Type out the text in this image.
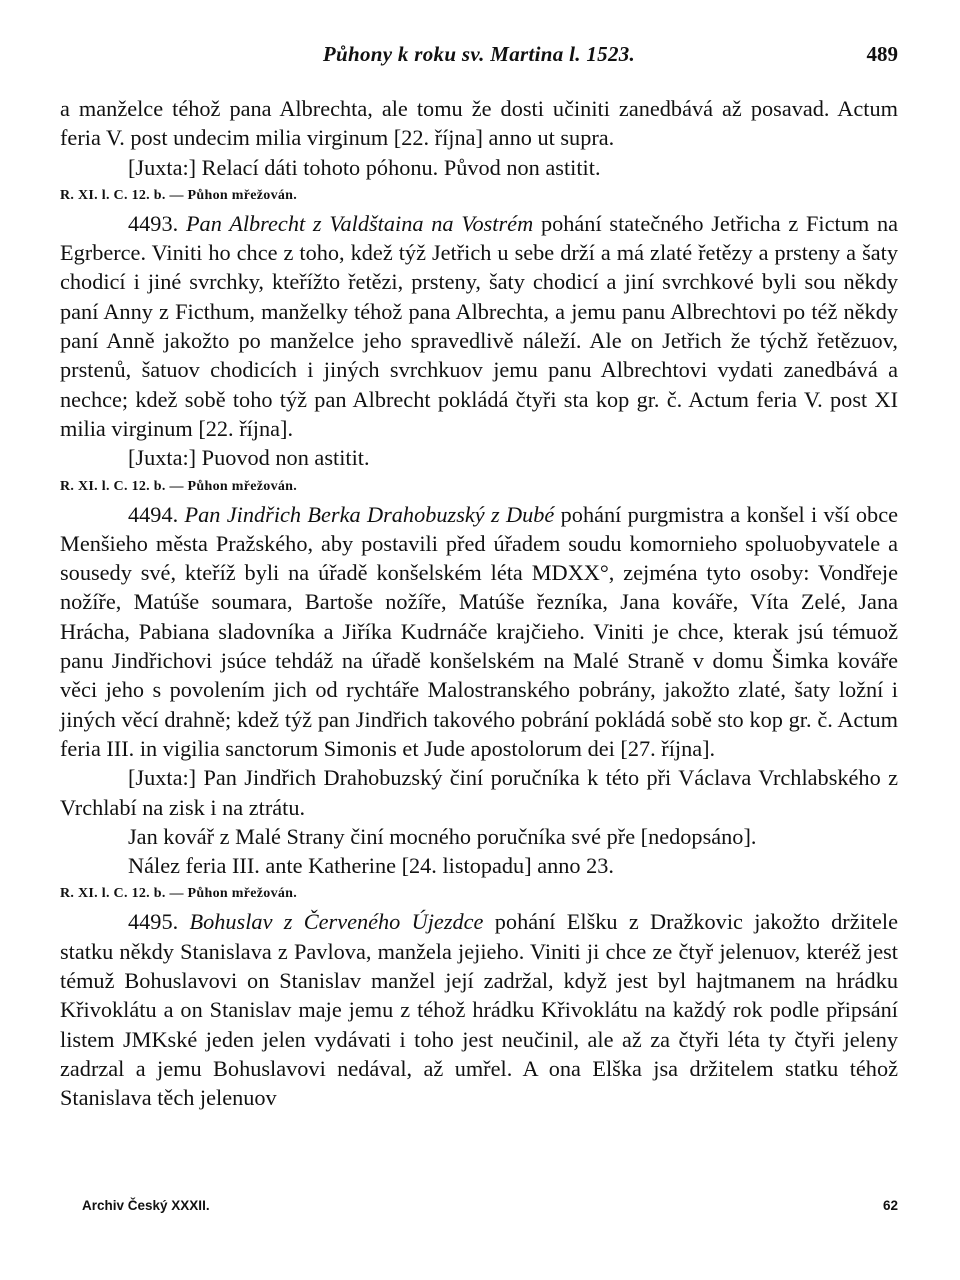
Půhony k roku sv. Martina l. 1523.	489

a manželce téhož pana Albrechta, ale tomu že dosti učiniti zanedbává až posavad. Actum feria V. post undecim milia virginum [22. října] anno ut supra.

[Juxta:] Relací dáti tohoto póhonu. Původ non astitit.

R. XI. l. C. 12. b. — Půhon mřežován.

4493. Pan Albrecht z Valdštaina na Vostrém pohání statečného Jetřicha z Fictum na Egrberce. Viniti ho chce z toho, kdež týž Jetřich u sebe drží a má zlaté řetězy a prsteny a šaty chodicí i jiné svrchky, kteřížto řetězi, prsteny, šaty chodicí a jiní svrchkové byli sou někdy paní Anny z Ficthum, manželky téhož pana Albrechta, a jemu panu Albrechtovi po též někdy paní Anně jakožto po manželce jeho spravedlivě náleží. Ale on Jetřich že týchž řetězuov, prstenů, šatuov chodicích i jiných svrchkuov jemu panu Albrechtovi vydati zanedbává a nechce; kdež sobě toho týž pan Albrecht pokládá čtyři sta kop gr. č. Actum feria V. post XI milia virginum [22. října].

[Juxta:] Puovod non astitit.

R. XI. l. C. 12. b. — Půhon mřežován.

4494. Pan Jindřich Berka Drahobuzský z Dubé pohání purgmistra a konšel i vší obce Menšieho města Pražského, aby postavili před úřadem soudu komornieho spoluobyvatele a sousedy své, kteříž byli na úřadě konšelském léta MDXX°, zejména tyto osoby: Vondřeje nožíře, Matúše soumara, Bartoše nožíře, Matúše řezníka, Jana kováře, Víta Zelé, Jana Hrácha, Pabiana sladovníka a Jiříka Kudrnáče krajčieho. Viniti je chce, kterak jsú témuož panu Jindřichovi jsúce tehdáž na úřadě konšelském na Malé Straně v domu Šimka kováře věci jeho s povolením jich od rychtáře Malostranského pobrány, jakožto zlaté, šaty ložní i jiných věcí drahně; kdež týž pan Jindřich takového pobrání pokládá sobě sto kop gr. č. Actum feria III. in vigilia sanctorum Simonis et Jude apostolorum dei [27. října].

[Juxta:] Pan Jindřich Drahobuzský činí poručníka k této při Václava Vrchlabského z Vrchlabí na zisk i na ztrátu.

Jan kovář z Malé Strany činí mocného poručníka své pře [nedopsáno].

Nález feria III. ante Katherine [24. listopadu] anno 23.

R. XI. l. C. 12. b. — Půhon mřežován.

4495. Bohuslav z Červeného Újezdce pohání Elšku z Dražkovic jakožto držitele statku někdy Stanislava z Pavlova, manžela jejieho. Viniti ji chce ze čtyř jelenuov, kteréž jest témuž Bohuslavovi on Stanislav manžel její zadržal, když jest byl hajtmanem na hrádku Křivoklátu a on Stanislav maje jemu z téhož hrádku Křivoklátu na každý rok podle připsání listem JMKské jeden jelen vydávati i toho jest neučinil, ale až za čtyři léta ty čtyři jeleny zadrzal a jemu Bohuslavovi nedával, až umřel. A ona Elška jsa držitelem statku téhož Stanislava těch jelenuov

Archiv Český XXXII.	62
